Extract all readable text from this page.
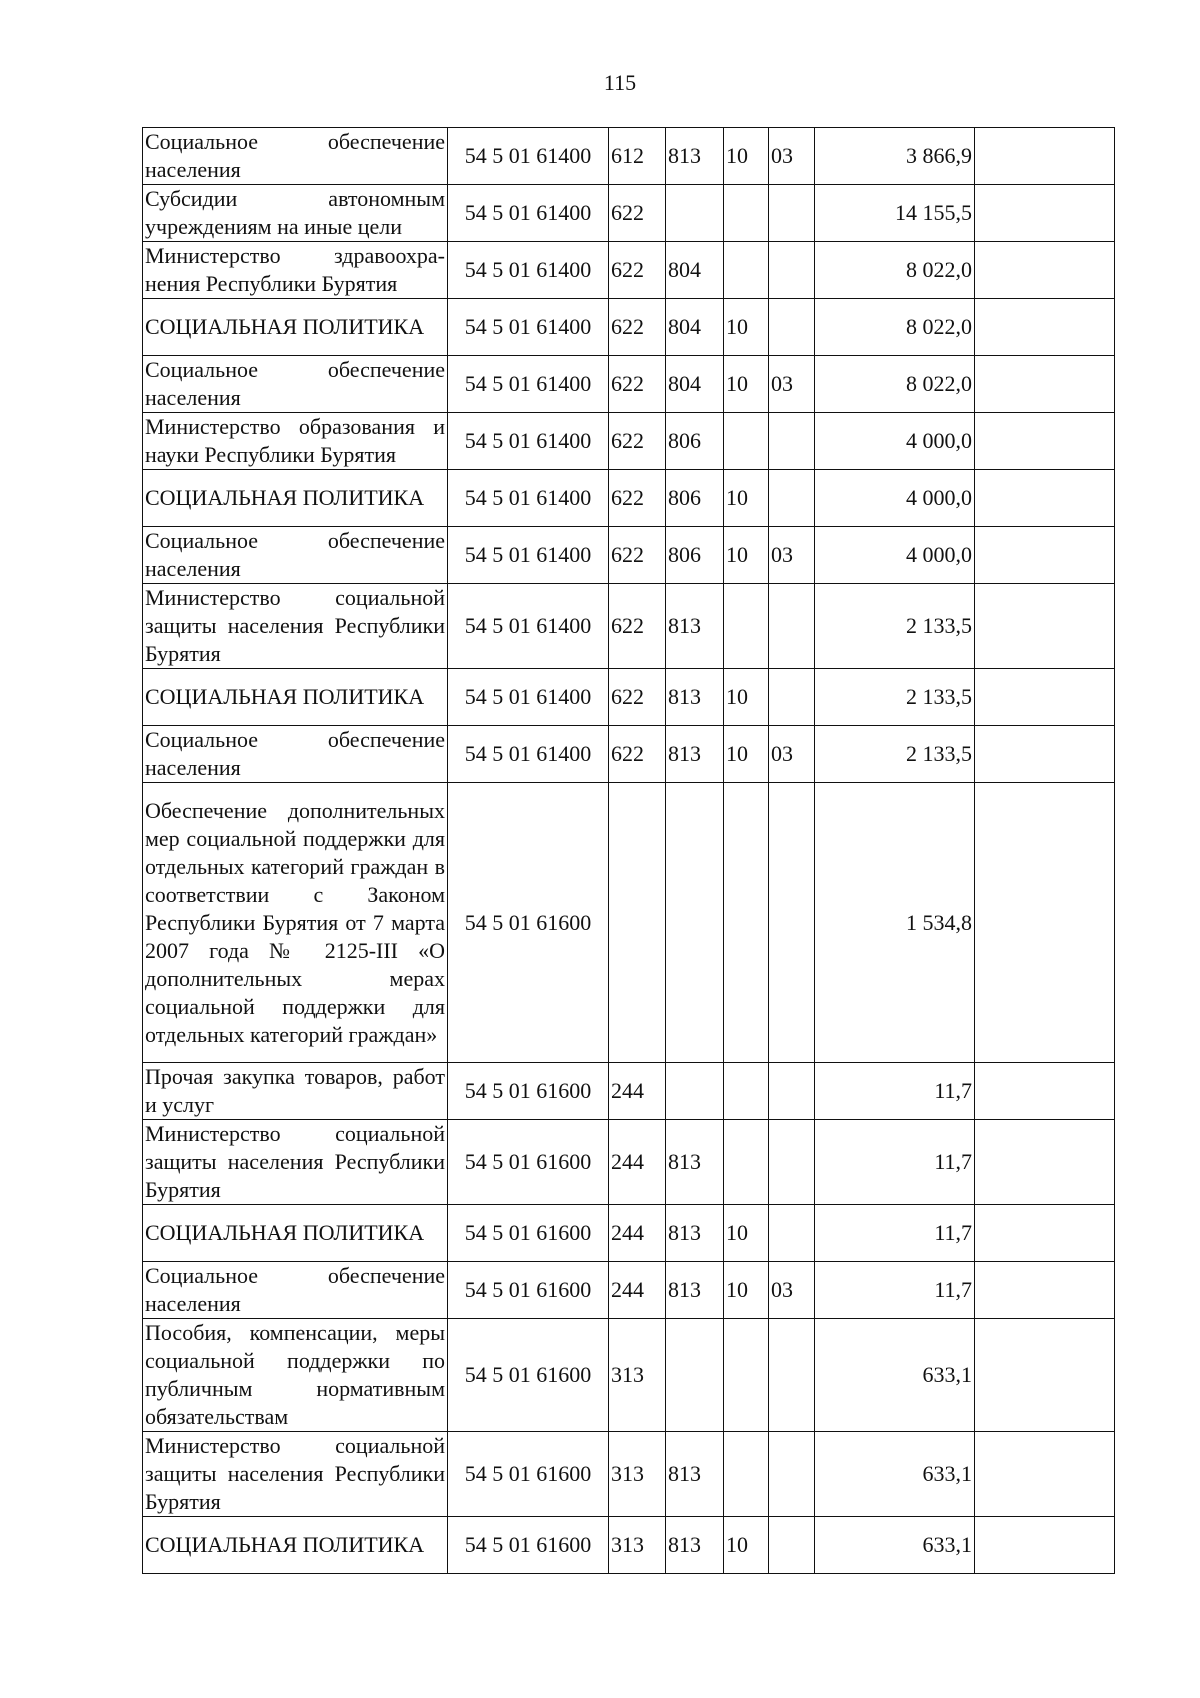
115
Социальное обеспечение населения	54 5 01 61400	612	813	10	03	3 866,9	
Субсидии автономным учреждениям на иные цели	54 5 01 61400	622				14 155,5	
Министерство здравоохранения Республики Бурятия	54 5 01 61400	622	804			8 022,0	
СОЦИАЛЬНАЯ ПОЛИТИКА	54 5 01 61400	622	804	10		8 022,0	
Социальное обеспечение населения	54 5 01 61400	622	804	10	03	8 022,0	
Министерство образования и науки Республики Бурятия	54 5 01 61400	622	806			4 000,0	
СОЦИАЛЬНАЯ ПОЛИТИКА	54 5 01 61400	622	806	10		4 000,0	
Социальное обеспечение населения	54 5 01 61400	622	806	10	03	4 000,0	
Министерство социальной защиты населения Республики Бурятия	54 5 01 61400	622	813			2 133,5	
СОЦИАЛЬНАЯ ПОЛИТИКА	54 5 01 61400	622	813	10		2 133,5	
Социальное обеспечение населения	54 5 01 61400	622	813	10	03	2 133,5	
Обеспечение дополнительных мер социальной поддержки для отдельных категорий граждан в соответствии с Законом Республики Бурятия от 7 марта 2007 года № 2125-III «О дополнительных мерах социальной поддержки для отдельных категорий граждан»	54 5 01 61600					1 534,8	
Прочая закупка товаров, работ и услуг	54 5 01 61600	244				11,7	
Министерство социальной защиты населения Республики Бурятия	54 5 01 61600	244	813			11,7	
СОЦИАЛЬНАЯ ПОЛИТИКА	54 5 01 61600	244	813	10		11,7	
Социальное обеспечение населения	54 5 01 61600	244	813	10	03	11,7	
Пособия, компенсации, меры социальной поддержки по публичным нормативным обязательствам	54 5 01 61600	313				633,1	
Министерство социальной защиты населения Республики Бурятия	54 5 01 61600	313	813			633,1	
СОЦИАЛЬНАЯ ПОЛИТИКА	54 5 01 61600	313	813	10		633,1	
